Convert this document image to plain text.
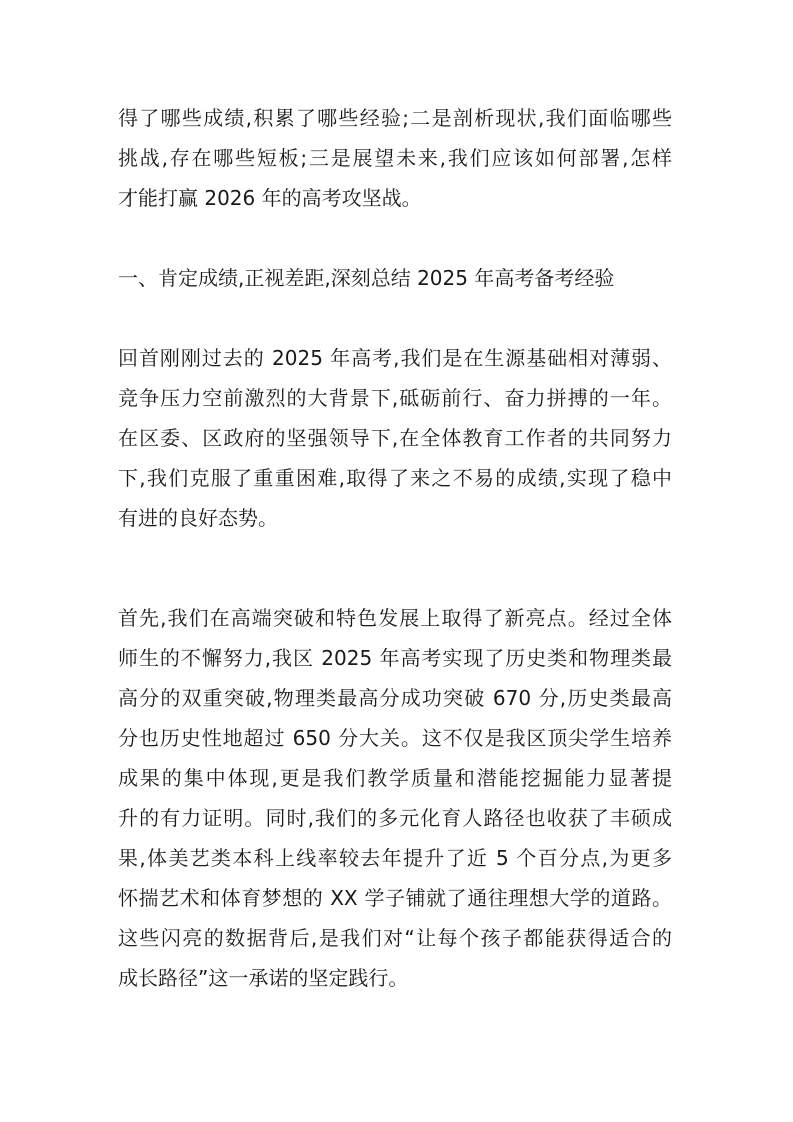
得了哪些成绩,积累了哪些经验;二是剖析现状,我们面临哪些
挑战,存在哪些短板;三是展望未来,我们应该如何部署,怎样
才能打赢 2026 年的高考攻坚战。
一、肯定成绩,正视差距,深刻总结 2025 年高考备考经验
回首刚刚过去的 2025 年高考,我们是在生源基础相对薄弱、
竞争压力空前激烈的大背景下,砥砺前行、奋力拼搏的一年。
在区委、区政府的坚强领导下,在全体教育工作者的共同努力
下,我们克服了重重困难,取得了来之不易的成绩,实现了稳中
有进的良好态势。
首先,我们在高端突破和特色发展上取得了新亮点。经过全体
师生的不懈努力,我区 2025 年高考实现了历史类和物理类最
高分的双重突破,物理类最高分成功突破 670 分,历史类最高
分也历史性地超过 650 分大关。这不仅是我区顶尖学生培养
成果的集中体现,更是我们教学质量和潜能挖掘能力显著提
升的有力证明。同时,我们的多元化育人路径也收获了丰硕成
果,体美艺类本科上线率较去年提升了近 5 个百分点,为更多
怀揣艺术和体育梦想的 XX 学子铺就了通往理想大学的道路。
这些闪亮的数据背后,是我们对“让每个孩子都能获得适合的
成长路径”这一承诺的坚定践行。
